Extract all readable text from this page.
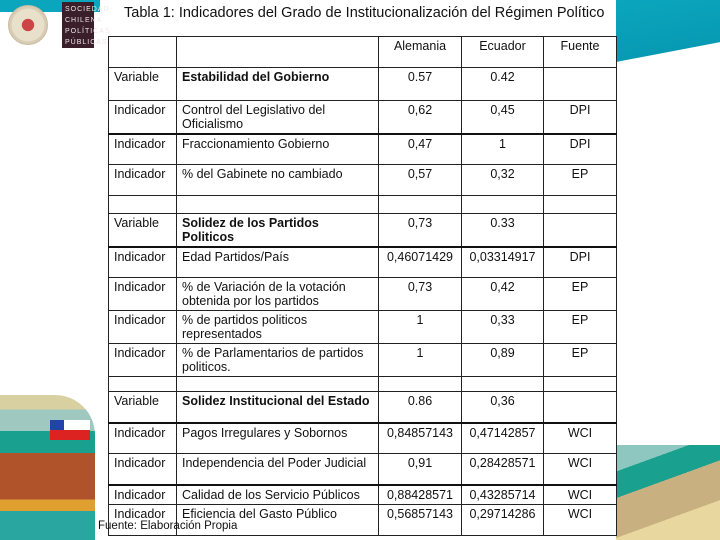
SOCIEDAD
CHILENA
POLÍTICAS
PÚBLICAS
Tabla 1: Indicadores del Grado de Institucionalización del Régimen Político
		Alemania	Ecuador	Fuente
Variable	Estabilidad del Gobierno	0.57	0.42	
Indicador	Control del Legislativo del Oficialismo	0,62	0,45	DPI
Indicador	Fraccionamiento Gobierno	0,47	1	DPI
Indicador	% del Gabinete no cambiado	0,57	0,32	EP

Variable	Solidez de los Partidos Politicos	0,73	0.33	
Indicador	Edad Partidos/País	0,46071429	0,03314917	DPI
Indicador	% de Variación de la votación obtenida por los partidos	0,73	0,42	EP
Indicador	% de partidos politicos representados	1	0,33	EP
Indicador	% de Parlamentarios de partidos politicos.	1	0,89	EP

Variable	Solidez Institucional del Estado	0.86	0,36	
Indicador	Pagos Irregulares y Sobornos	0,84857143	0,47142857	WCI
Indicador	Independencia del Poder Judicial	0,91	0,28428571	WCI
Indicador	Calidad de los Servicio Públicos	0,88428571	0,43285714	WCI
Indicador	Eficiencia del Gasto Público	0,56857143	0,29714286	WCI
Fuente: Elaboración Propia
